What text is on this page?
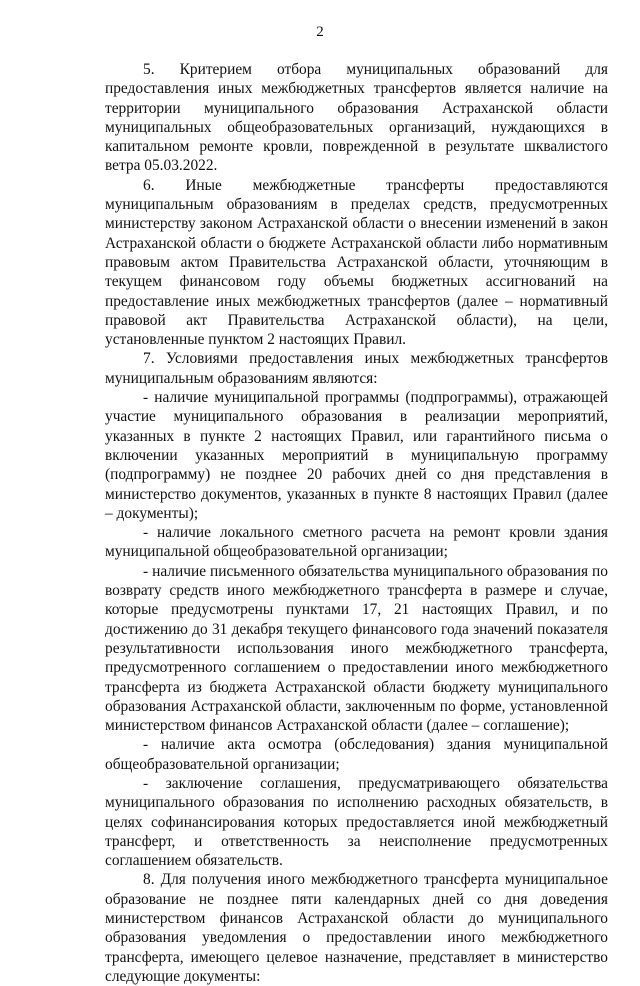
2

5. Критерием отбора муниципальных образований для предоставления иных межбюджетных трансфертов является наличие на территории муниципального образования Астраханской области муниципальных общеобразовательных организаций, нуждающихся в капитальном ремонте кровли, поврежденной в результате шквалистого ветра 05.03.2022.

6. Иные межбюджетные трансферты предоставляются муниципальным образованиям в пределах средств, предусмотренных министерству законом Астраханской области о внесении изменений в закон Астраханской области о бюджете Астраханской области либо нормативным правовым актом Правительства Астраханской области, уточняющим в текущем финансовом году объемы бюджетных ассигнований на предоставление иных межбюджетных трансфертов (далее – нормативный правовой акт Правительства Астраханской области), на цели, установленные пунктом 2 настоящих Правил.

7. Условиями предоставления иных межбюджетных трансфертов муниципальным образованиям являются:

- наличие муниципальной программы (подпрограммы), отражающей участие муниципального образования в реализации мероприятий, указанных в пункте 2 настоящих Правил, или гарантийного письма о включении указанных мероприятий в муниципальную программу (подпрограмму) не позднее 20 рабочих дней со дня представления в министерство документов, указанных в пункте 8 настоящих Правил (далее – документы);

- наличие локального сметного расчета на ремонт кровли здания муниципальной общеобразовательной организации;

- наличие письменного обязательства муниципального образования по возврату средств иного межбюджетного трансферта в размере и случае, которые предусмотрены пунктами 17, 21 настоящих Правил, и по достижению до 31 декабря текущего финансового года значений показателя результативности использования иного межбюджетного трансферта, предусмотренного соглашением о предоставлении иного межбюджетного трансферта из бюджета Астраханской области бюджету муниципального образования Астраханской области, заключенным по форме, установленной министерством финансов Астраханской области (далее – соглашение);

- наличие акта осмотра (обследования) здания муниципальной общеобразовательной организации;

- заключение соглашения, предусматривающего обязательства муниципального образования по исполнению расходных обязательств, в целях софинансирования которых предоставляется иной межбюджетный трансферт, и ответственность за неисполнение предусмотренных соглашением обязательств.

8. Для получения иного межбюджетного трансферта муниципальное образование не позднее пяти календарных дней со дня доведения министерством финансов Астраханской области до муниципального образования уведомления о предоставлении иного межбюджетного трансферта, имеющего целевое назначение, представляет в министерство следующие документы:
